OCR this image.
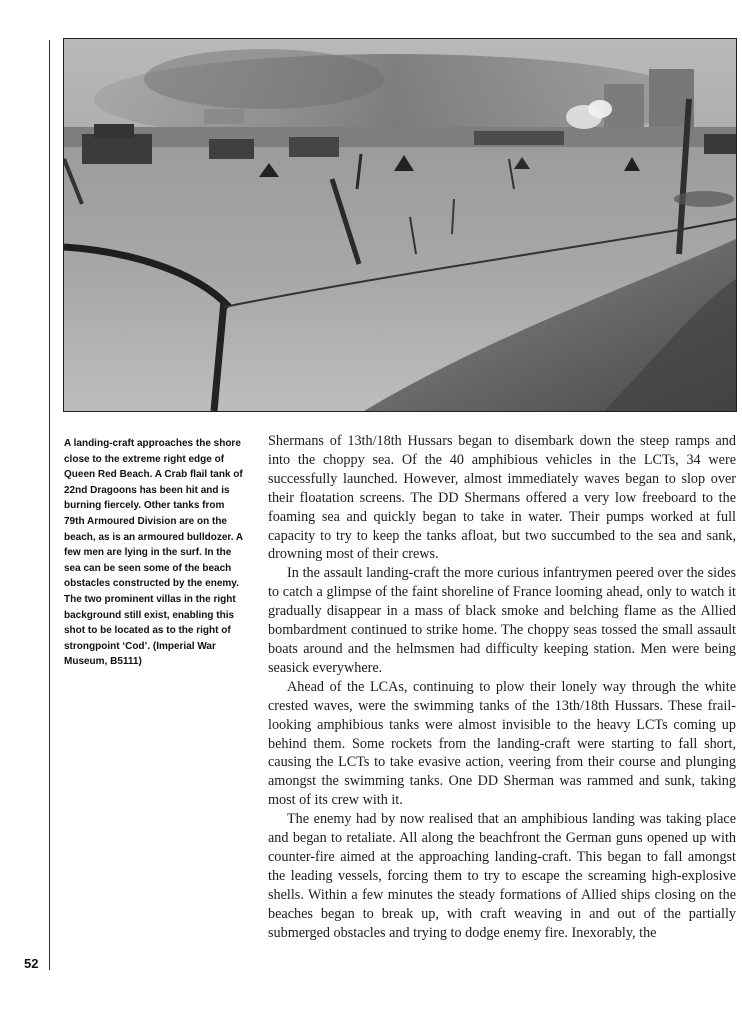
52

A landing-craft approaches the shore close to the extreme right edge of Queen Red Beach. A Crab flail tank of 22nd Dragoons has been hit and is burning fiercely. Other tanks from 79th Armoured Division are on the beach, as is an armoured bulldozer. A few men are lying in the surf. In the sea can be seen some of the beach obstacles constructed by the enemy. The two prominent villas in the right background still exist, enabling this shot to be located as to the right of strongpoint ‘Cod’. (Imperial War Museum, B5111)

Shermans of 13th/18th Hussars began to disembark down the steep ramps and into the choppy sea. Of the 40 amphibious vehicles in the LCTs, 34 were successfully launched. However, almost immediately waves began to slop over their floatation screens. The DD Shermans offered a very low freeboard to the foaming sea and quickly began to take in water. Their pumps worked at full capacity to try to keep the tanks afloat, but two succumbed to the sea and sank, drowning most of their crews.

In the assault landing-craft the more curious infantrymen peered over the sides to catch a glimpse of the faint shoreline of France looming ahead, only to watch it gradually disappear in a mass of black smoke and belching flame as the Allied bombardment continued to strike home. The choppy seas tossed the small assault boats around and the helmsmen had difficulty keeping station. Men were being seasick everywhere.

Ahead of the LCAs, continuing to plow their lonely way through the white crested waves, were the swimming tanks of the 13th/18th Hussars. These frail-looking amphibious tanks were almost invisible to the heavy LCTs coming up behind them. Some rockets from the landing-craft were starting to fall short, causing the LCTs to take evasive action, veering from their course and plunging amongst the swimming tanks. One DD Sherman was rammed and sunk, taking most of its crew with it.

The enemy had by now realised that an amphibious landing was taking place and began to retaliate. All along the beachfront the German guns opened up with counter-fire aimed at the approaching landing-craft. This began to fall amongst the leading vessels, forcing them to try to escape the screaming high-explosive shells. Within a few minutes the steady formations of Allied ships closing on the beaches began to break up, with craft weaving in and out of the partially submerged obstacles and trying to dodge enemy fire. Inexorably, the
